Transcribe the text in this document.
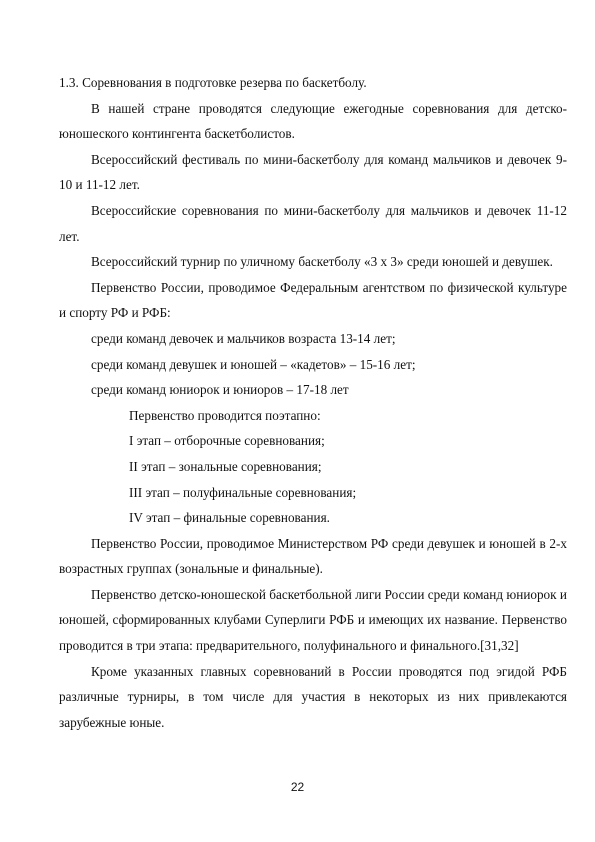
1.3. Соревнования в подготовке резерва по баскетболу.

В нашей стране проводятся следующие ежегодные соревнования для детско-юношеского контингента баскетболистов.

Всероссийский фестиваль по мини-баскетболу для команд мальчиков и девочек 9-10 и 11-12 лет.

Всероссийские соревнования по мини-баскетболу для мальчиков и девочек 11-12 лет.

Всероссийский турнир по уличному баскетболу «3 х 3» среди юношей и девушек.

Первенство России, проводимое Федеральным агентством по физической культуре и спорту РФ и РФБ:

среди команд девочек и мальчиков возраста 13-14 лет;

среди команд девушек и юношей – «кадетов» – 15-16 лет;

среди команд юниорок и юниоров – 17-18 лет

Первенство проводится поэтапно:

I этап – отборочные соревнования;

II этап – зональные соревнования;

III этап – полуфинальные соревнования;

IV этап – финальные соревнования.

Первенство России, проводимое Министерством РФ среди девушек и юношей в 2-х возрастных группах (зональные и финальные).

Первенство детско-юношеской баскетбольной лиги России среди команд юниорок и юношей, сформированных клубами Суперлиги РФБ и имеющих их название. Первенство проводится в три этапа: предварительного, полуфинального и финального.[31,32]

Кроме указанных главных соревнований в России проводятся под эгидой РФБ различные турниры, в том числе для участия в некоторых из них привлекаются зарубежные юные.

22
